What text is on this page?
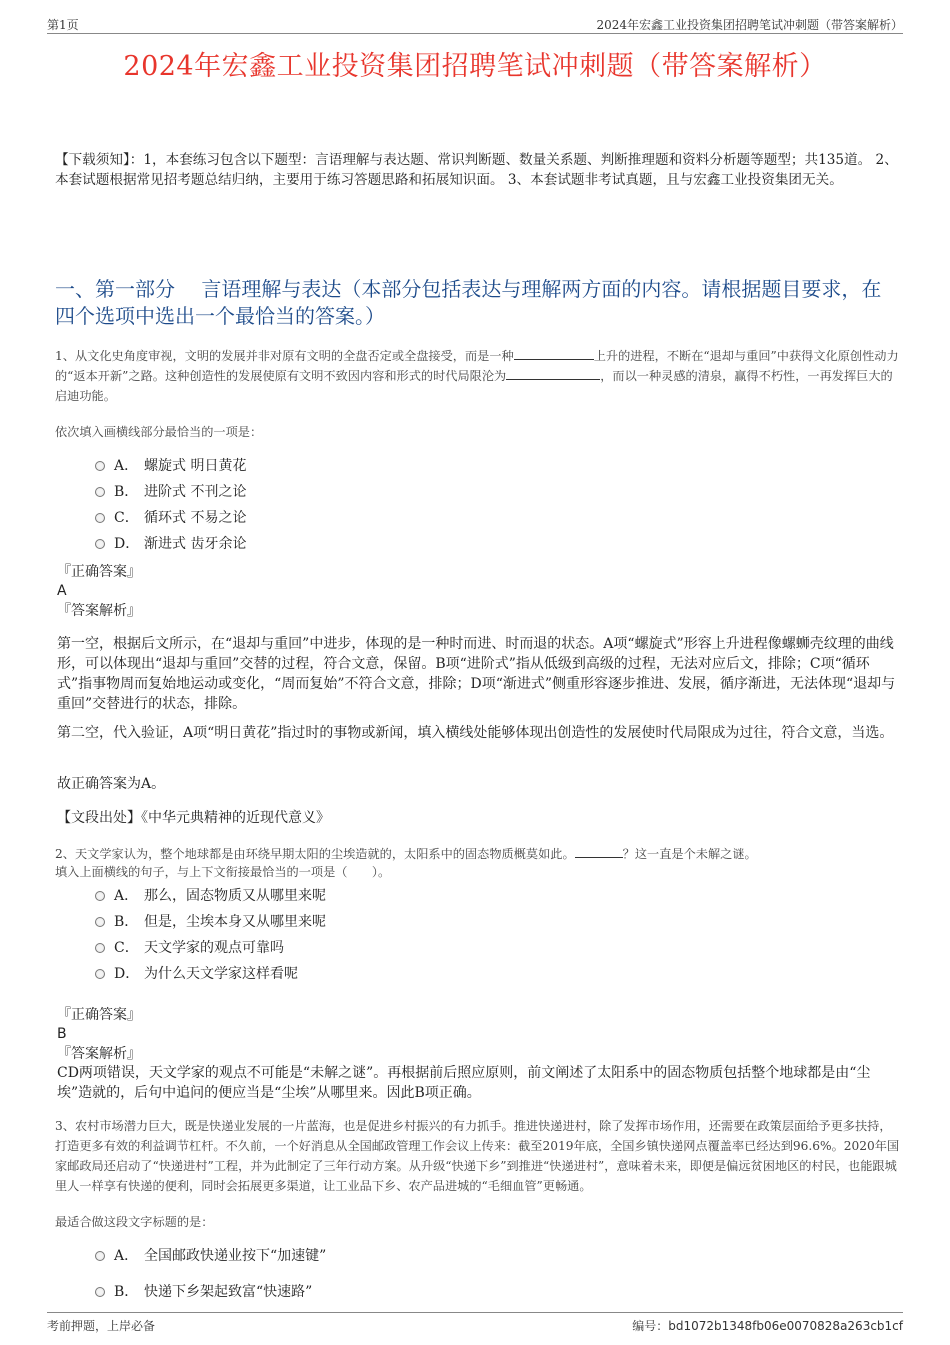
第1页	2024年宏鑫工业投资集团招聘笔试冲刺题（带答案解析）
2024年宏鑫工业投资集团招聘笔试冲刺题（带答案解析）
【下载须知】：1，本套练习包含以下题型：言语理解与表达题、常识判断题、数量关系题、判断推理题和资料分析题等题型；共135道。 2、本套试题根据常见招考题总结归纳，主要用于练习答题思路和拓展知识面。 3、本套试题非考试真题，且与宏鑫工业投资集团无关。
一、第一部分　 言语理解与表达（本部分包括表达与理解两方面的内容。请根据题目要求，在四个选项中选出一个最恰当的答案。）
1、从文化史角度审视，文明的发展并非对原有文明的全盘否定或全盘接受，而是一种	上升的进程，不断在“退却与重回”中获得文化原创性动力的“返本开新”之路。这种创造性的发展使原有文明不致因内容和形式的时代局限沦为	，而以一种灵感的清泉，赢得不朽性，一再发挥巨大的启迪功能。
依次填入画横线部分最恰当的一项是：
A． 螺旋式 明日黄花
B． 进阶式 不刊之论
C． 循环式 不易之论
D． 渐进式 齿牙余论
『正确答案』
A
『答案解析』
第一空，根据后文所示，在“退却与重回”中进步，体现的是一种时而进、时而退的状态。A项“螺旋式”形容上升进程像螺蛳壳纹理的曲线形，可以体现出“退却与重回”交替的过程，符合文意，保留。B项“进阶式”指从低级到高级的过程，无法对应后文，排除；C项“循环式”指事物周而复始地运动或变化，“周而复始”不符合文意，排除；D项“渐进式”侧重形容逐步推进、发展，循序渐进，无法体现“退却与重回”交替进行的状态，排除。
第二空，代入验证，A项“明日黄花”指过时的事物或新闻，填入横线处能够体现出创造性的发展使时代局限成为过往，符合文意，当选。
故正确答案为A。
【文段出处】《中华元典精神的近现代意义》
2、天文学家认为，整个地球都是由环绕早期太阳的尘埃造就的，太阳系中的固态物质概莫如此。	？这一直是个未解之谜。
填入上面横线的句子，与上下文衔接最恰当的一项是（　　）。
A． 那么，固态物质又从哪里来呢
B． 但是，尘埃本身又从哪里来呢
C． 天文学家的观点可靠吗
D． 为什么天文学家这样看呢
『正确答案』
B
『答案解析』
CD两项错误，天文学家的观点不可能是“未解之谜”。再根据前后照应原则，前文阐述了太阳系中的固态物质包括整个地球都是由“尘埃”造就的，后句中追问的便应当是“尘埃”从哪里来。因此B项正确。
3、农村市场潜力巨大，既是快递业发展的一片蓝海，也是促进乡村振兴的有力抓手。推进快递进村，除了发挥市场作用，还需要在政策层面给予更多扶持，打造更多有效的利益调节杠杆。不久前，一个好消息从全国邮政管理工作会议上传来：截至2019年底，全国乡镇快递网点覆盖率已经达到96.6%。2020年国家邮政局还启动了“快递进村”工程，并为此制定了三年行动方案。从升级“快递下乡”到推进“快递进村”，意味着未来，即便是偏远贫困地区的村民，也能跟城里人一样享有快递的便利，同时会拓展更多渠道，让工业品下乡、农产品进城的“毛细血管”更畅通。
最适合做这段文字标题的是：
A． 全国邮政快递业按下“加速键”
B． 快递下乡架起致富“快速路”
考前押题，上岸必备	编号：bd1072b1348fb06e0070828a263cb1cf
